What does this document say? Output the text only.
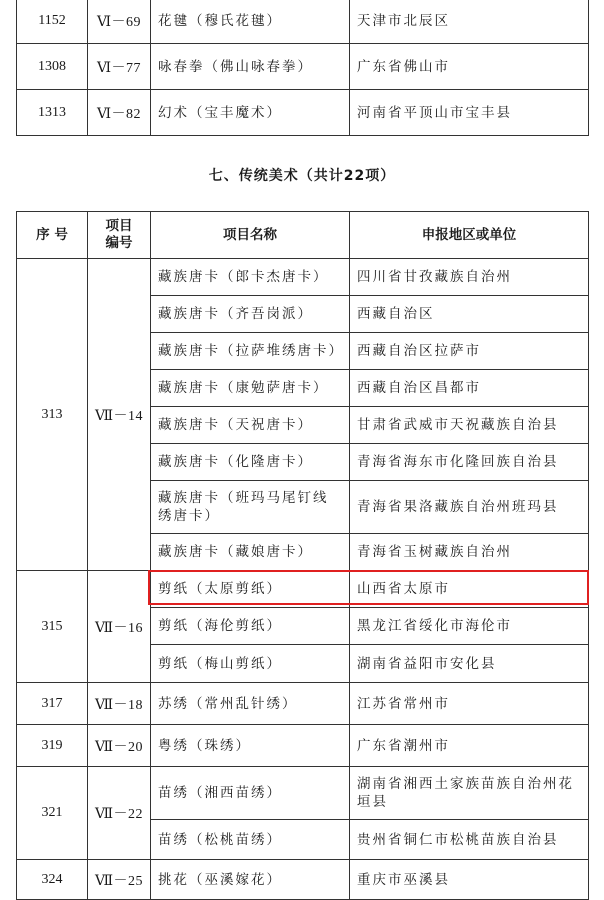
1152	Ⅵ－69	花毽（穆氏花毽）	天津市北辰区
1308	Ⅵ－77	咏春拳（佛山咏春拳）	广东省佛山市
1313	Ⅵ－82	幻术（宝丰魔术）	河南省平顶山市宝丰县
七、传统美术（共计22项）
序 号	项目编号	项目名称	申报地区或单位
313	Ⅶ－14	藏族唐卡（郎卡杰唐卡）	四川省甘孜藏族自治州
		藏族唐卡（齐吾岗派）	西藏自治区
		藏族唐卡（拉萨堆绣唐卡）	西藏自治区拉萨市
		藏族唐卡（康勉萨唐卡）	西藏自治区昌都市
		藏族唐卡（天祝唐卡）	甘肃省武威市天祝藏族自治县
		藏族唐卡（化隆唐卡）	青海省海东市化隆回族自治县
		藏族唐卡（班玛马尾钉线绣唐卡）	青海省果洛藏族自治州班玛县
		藏族唐卡（藏娘唐卡）	青海省玉树藏族自治州
315	Ⅶ－16	剪纸（太原剪纸）	山西省太原市
		剪纸（海伦剪纸）	黑龙江省绥化市海伦市
		剪纸（梅山剪纸）	湖南省益阳市安化县
317	Ⅶ－18	苏绣（常州乱针绣）	江苏省常州市
319	Ⅶ－20	粤绣（珠绣）	广东省潮州市
321	Ⅶ－22	苗绣（湘西苗绣）	湖南省湘西土家族苗族自治州花垣县
		苗绣（松桃苗绣）	贵州省铜仁市松桃苗族自治县
324	Ⅶ－25	挑花（巫溪嫁花）	重庆市巫溪县
